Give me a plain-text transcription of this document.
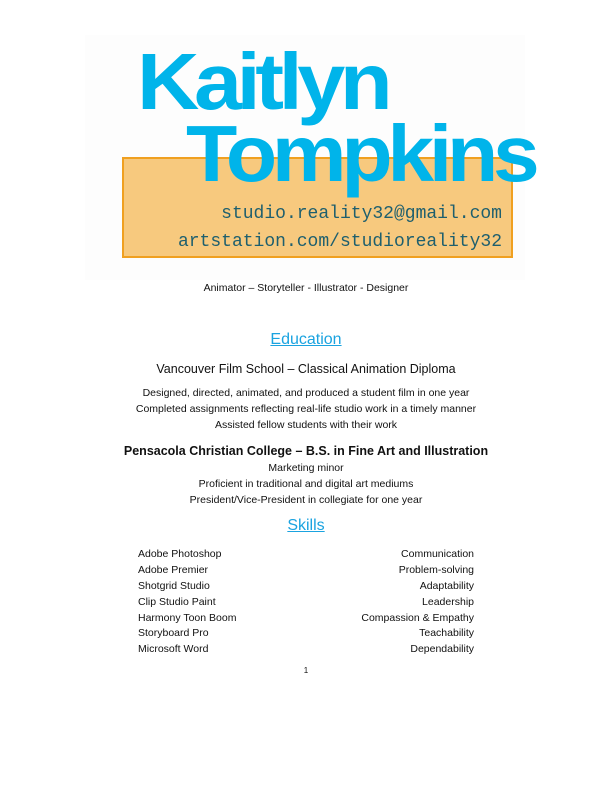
Kaitlyn
Tompkins
studio.reality32@gmail.com
artstation.com/studioreality32
Animator – Storyteller - Illustrator - Designer
Education
Vancouver Film School – Classical Animation Diploma
Designed, directed, animated, and produced a student film in one year
Completed assignments reflecting real-life studio work in a timely manner
Assisted fellow students with their work
Pensacola Christian College – B.S. in Fine Art and Illustration
Marketing minor
Proficient in traditional and digital art mediums
President/Vice-President in collegiate for one year
Skills
Adobe Photoshop
Adobe Premier
Shotgrid Studio
Clip Studio Paint
Harmony Toon Boom
Storyboard Pro
Microsoft Word
Communication
Problem-solving
Adaptability
Leadership
Compassion & Empathy
Teachability
Dependability
1
